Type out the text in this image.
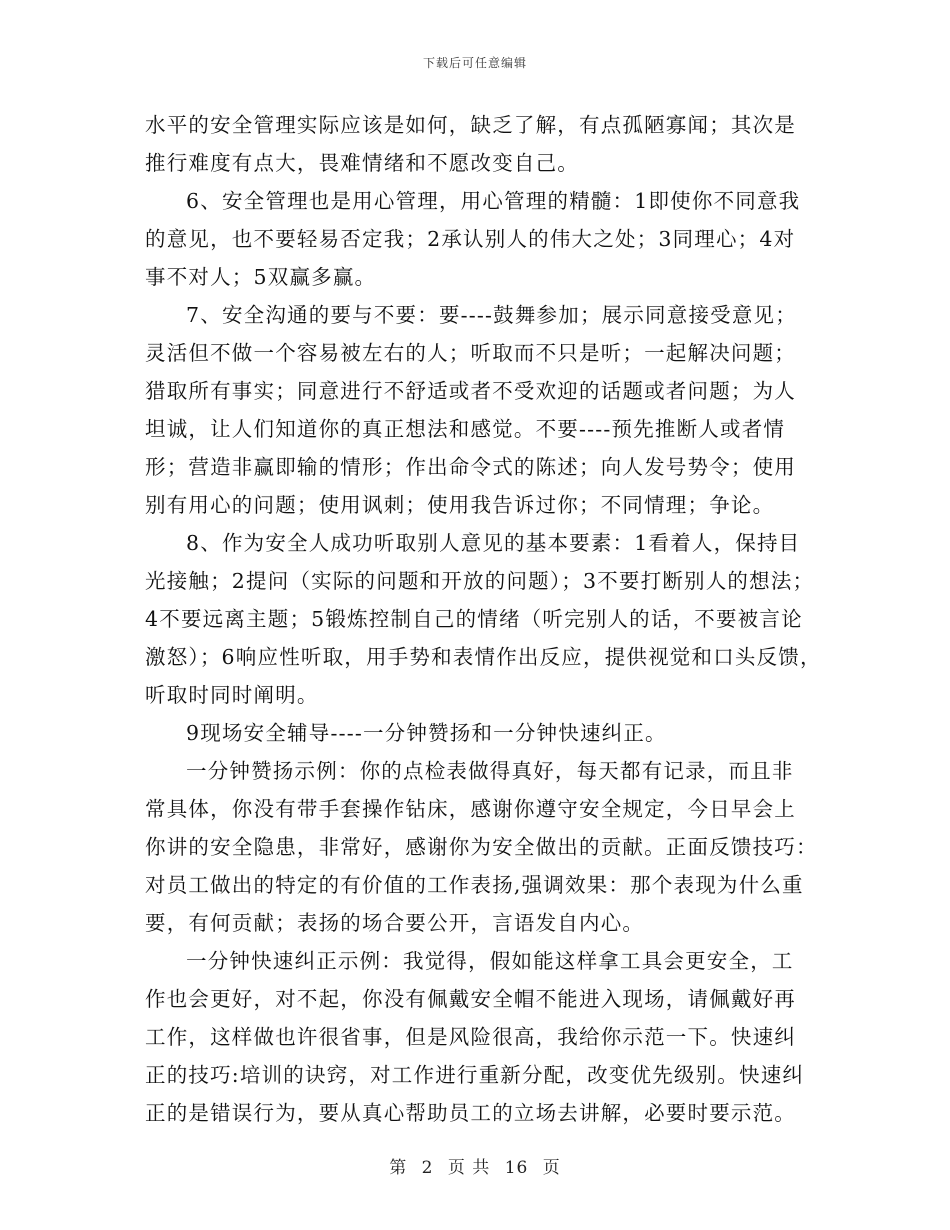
下载后可任意编辑
水平的安全管理实际应该是如何，缺乏了解，有点孤陋寡闻；其次是
推行难度有点大，畏难情绪和不愿改变自己。
6、安全管理也是用心管理，用心管理的精髓：1即使你不同意我
的意见，也不要轻易否定我；2承认别人的伟大之处；3同理心；4对
事不对人；5双赢多赢。
7、安全沟通的要与不要：要----鼓舞参加；展示同意接受意见；
灵活但不做一个容易被左右的人；听取而不只是听；一起解决问题；
猎取所有事实；同意进行不舒适或者不受欢迎的话题或者问题；为人
坦诚，让人们知道你的真正想法和感觉。不要----预先推断人或者情
形；营造非赢即输的情形；作出命令式的陈述；向人发号势令；使用
别有用心的问题；使用讽刺；使用我告诉过你；不同情理；争论。
8、作为安全人成功听取别人意见的基本要素：1看着人，保持目
光接触；2提问（实际的问题和开放的问题）；3不要打断别人的想法；
4不要远离主题；5锻炼控制自己的情绪（听完别人的话，不要被言论
激怒）；6响应性听取，用手势和表情作出反应，提供视觉和口头反馈，
听取时同时阐明。
9现场安全辅导----一分钟赞扬和一分钟快速纠正。
一分钟赞扬示例：你的点检表做得真好，每天都有记录，而且非
常具体，你没有带手套操作钻床，感谢你遵守安全规定，今日早会上
你讲的安全隐患，非常好，感谢你为安全做出的贡献。正面反馈技巧：
对员工做出的特定的有价值的工作表扬,强调效果：那个表现为什么重
要，有何贡献；表扬的场合要公开，言语发自内心。
一分钟快速纠正示例：我觉得，假如能这样拿工具会更安全，工
作也会更好，对不起，你没有佩戴安全帽不能进入现场，请佩戴好再
工作，这样做也许很省事，但是风险很高，我给你示范一下。快速纠
正的技巧:培训的诀窍，对工作进行重新分配，改变优先级别。快速纠
正的是错误行为，要从真心帮助员工的立场去讲解，必要时要示范。
第 2 页 共 16 页
